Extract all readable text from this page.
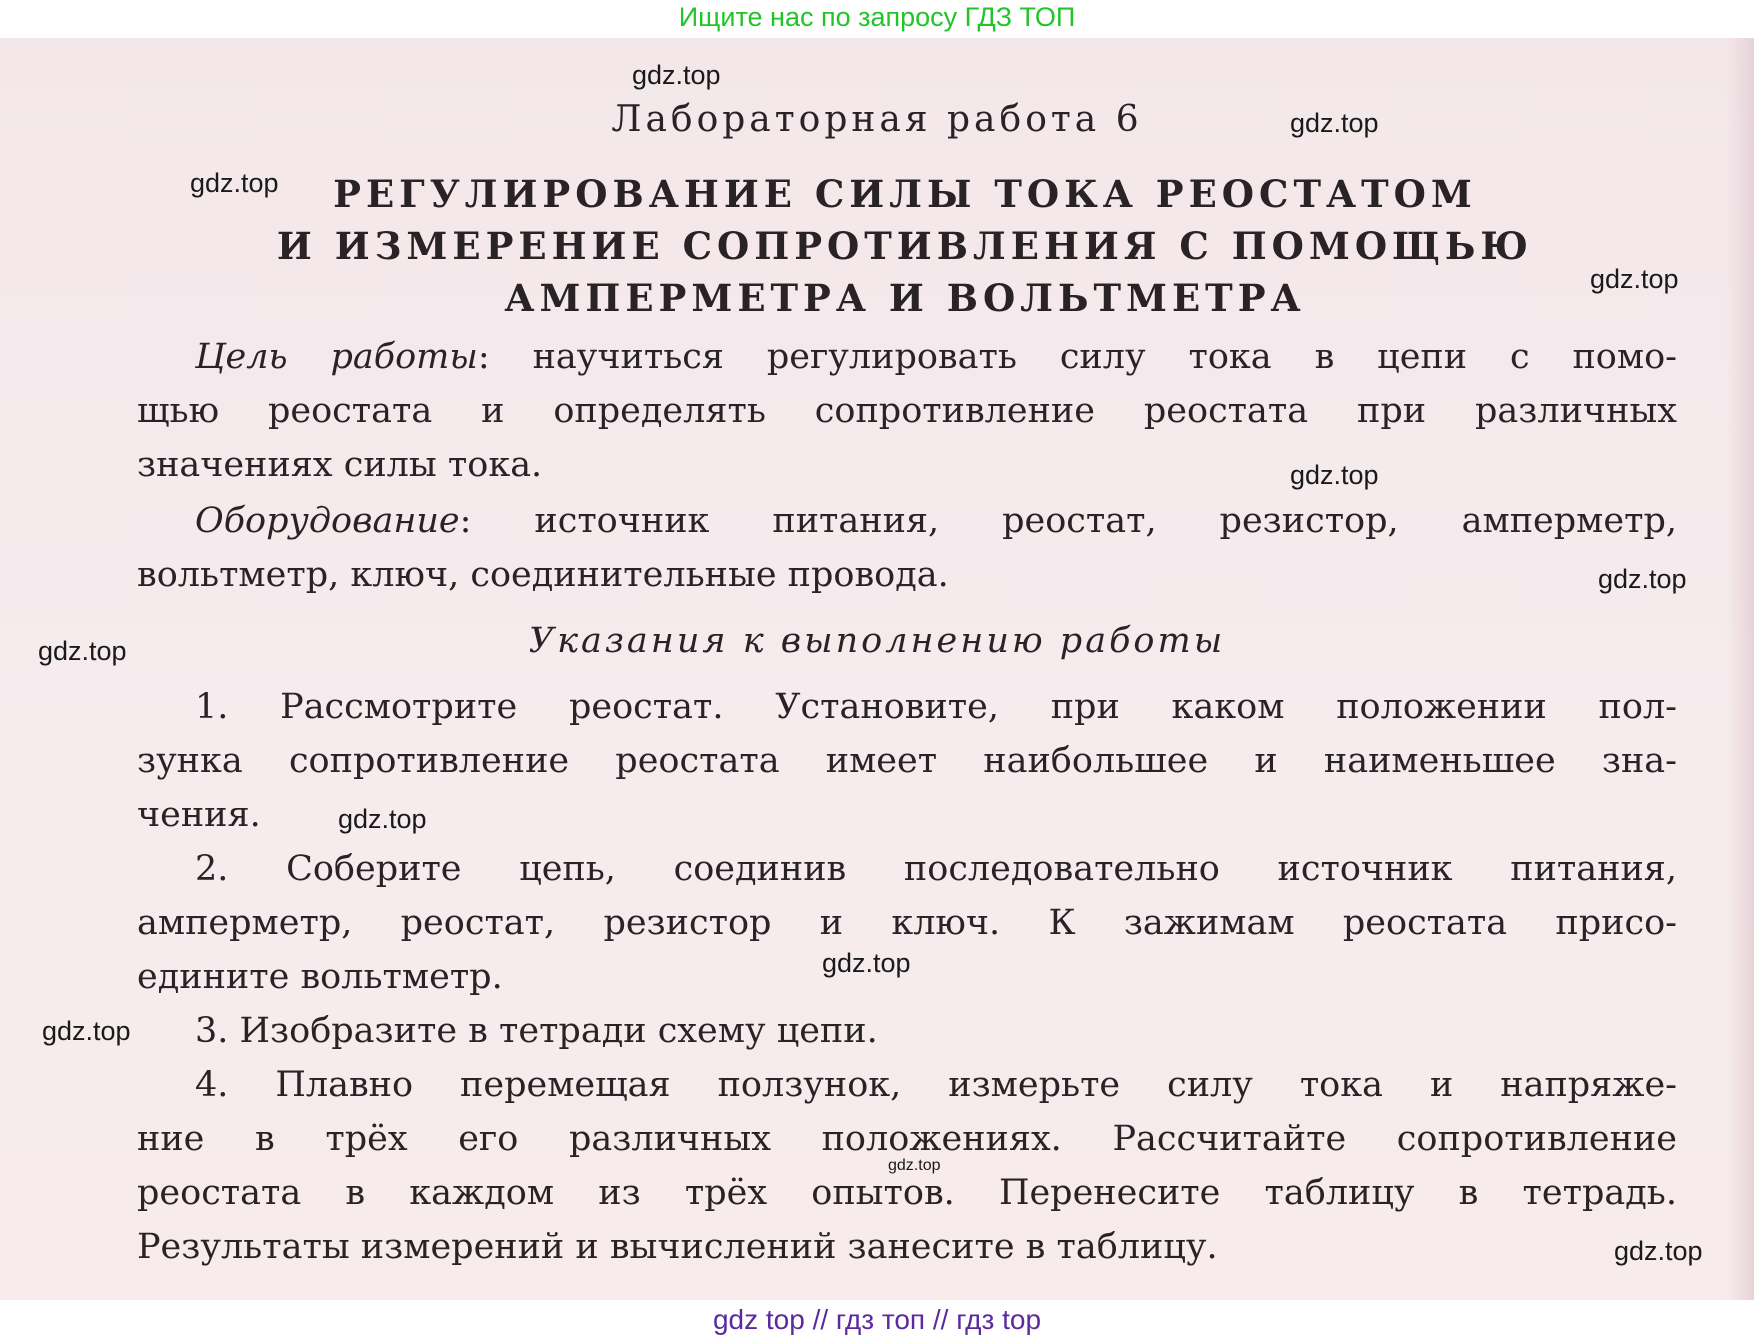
Ищите нас по запросу ГДЗ ТОП
Лабораторная работа 6
РЕГУЛИРОВАНИЕ СИЛЫ ТОКА РЕОСТАТОМ
И ИЗМЕРЕНИЕ СОПРОТИВЛЕНИЯ С ПОМОЩЬЮ
АМПЕРМЕТРА И ВОЛЬТМЕТРА
Цель работы: научиться регулировать силу тока в цепи с помо-
щью реостата и определять сопротивление реостата при различных
значениях силы тока.
Оборудование: источник питания, реостат, резистор, амперметр,
вольтметр, ключ, соединительные провода.
Указания к выполнению работы
1. Рассмотрите реостат. Установите, при каком положении пол-
зунка сопротивление реостата имеет наибольшее и наименьшее зна-
чения.
2. Соберите цепь, соединив последовательно источник питания,
амперметр, реостат, резистор и ключ. К зажимам реостата присо-
едините вольтметр.
3. Изобразите в тетради схему цепи.
4. Плавно перемещая ползунок, измерьте силу тока и напряже-
ние в трёх его различных положениях. Рассчитайте сопротивление
реостата в каждом из трёх опытов. Перенесите таблицу в тетрадь.
Результаты измерений и вычислений занесите в таблицу.
gdz.top
gdz.top
gdz.top
gdz.top
gdz.top
gdz.top
gdz.top
gdz.top
gdz.top
gdz.top
gdz.top
gdz.top
gdz top // гдз топ // гдз top
